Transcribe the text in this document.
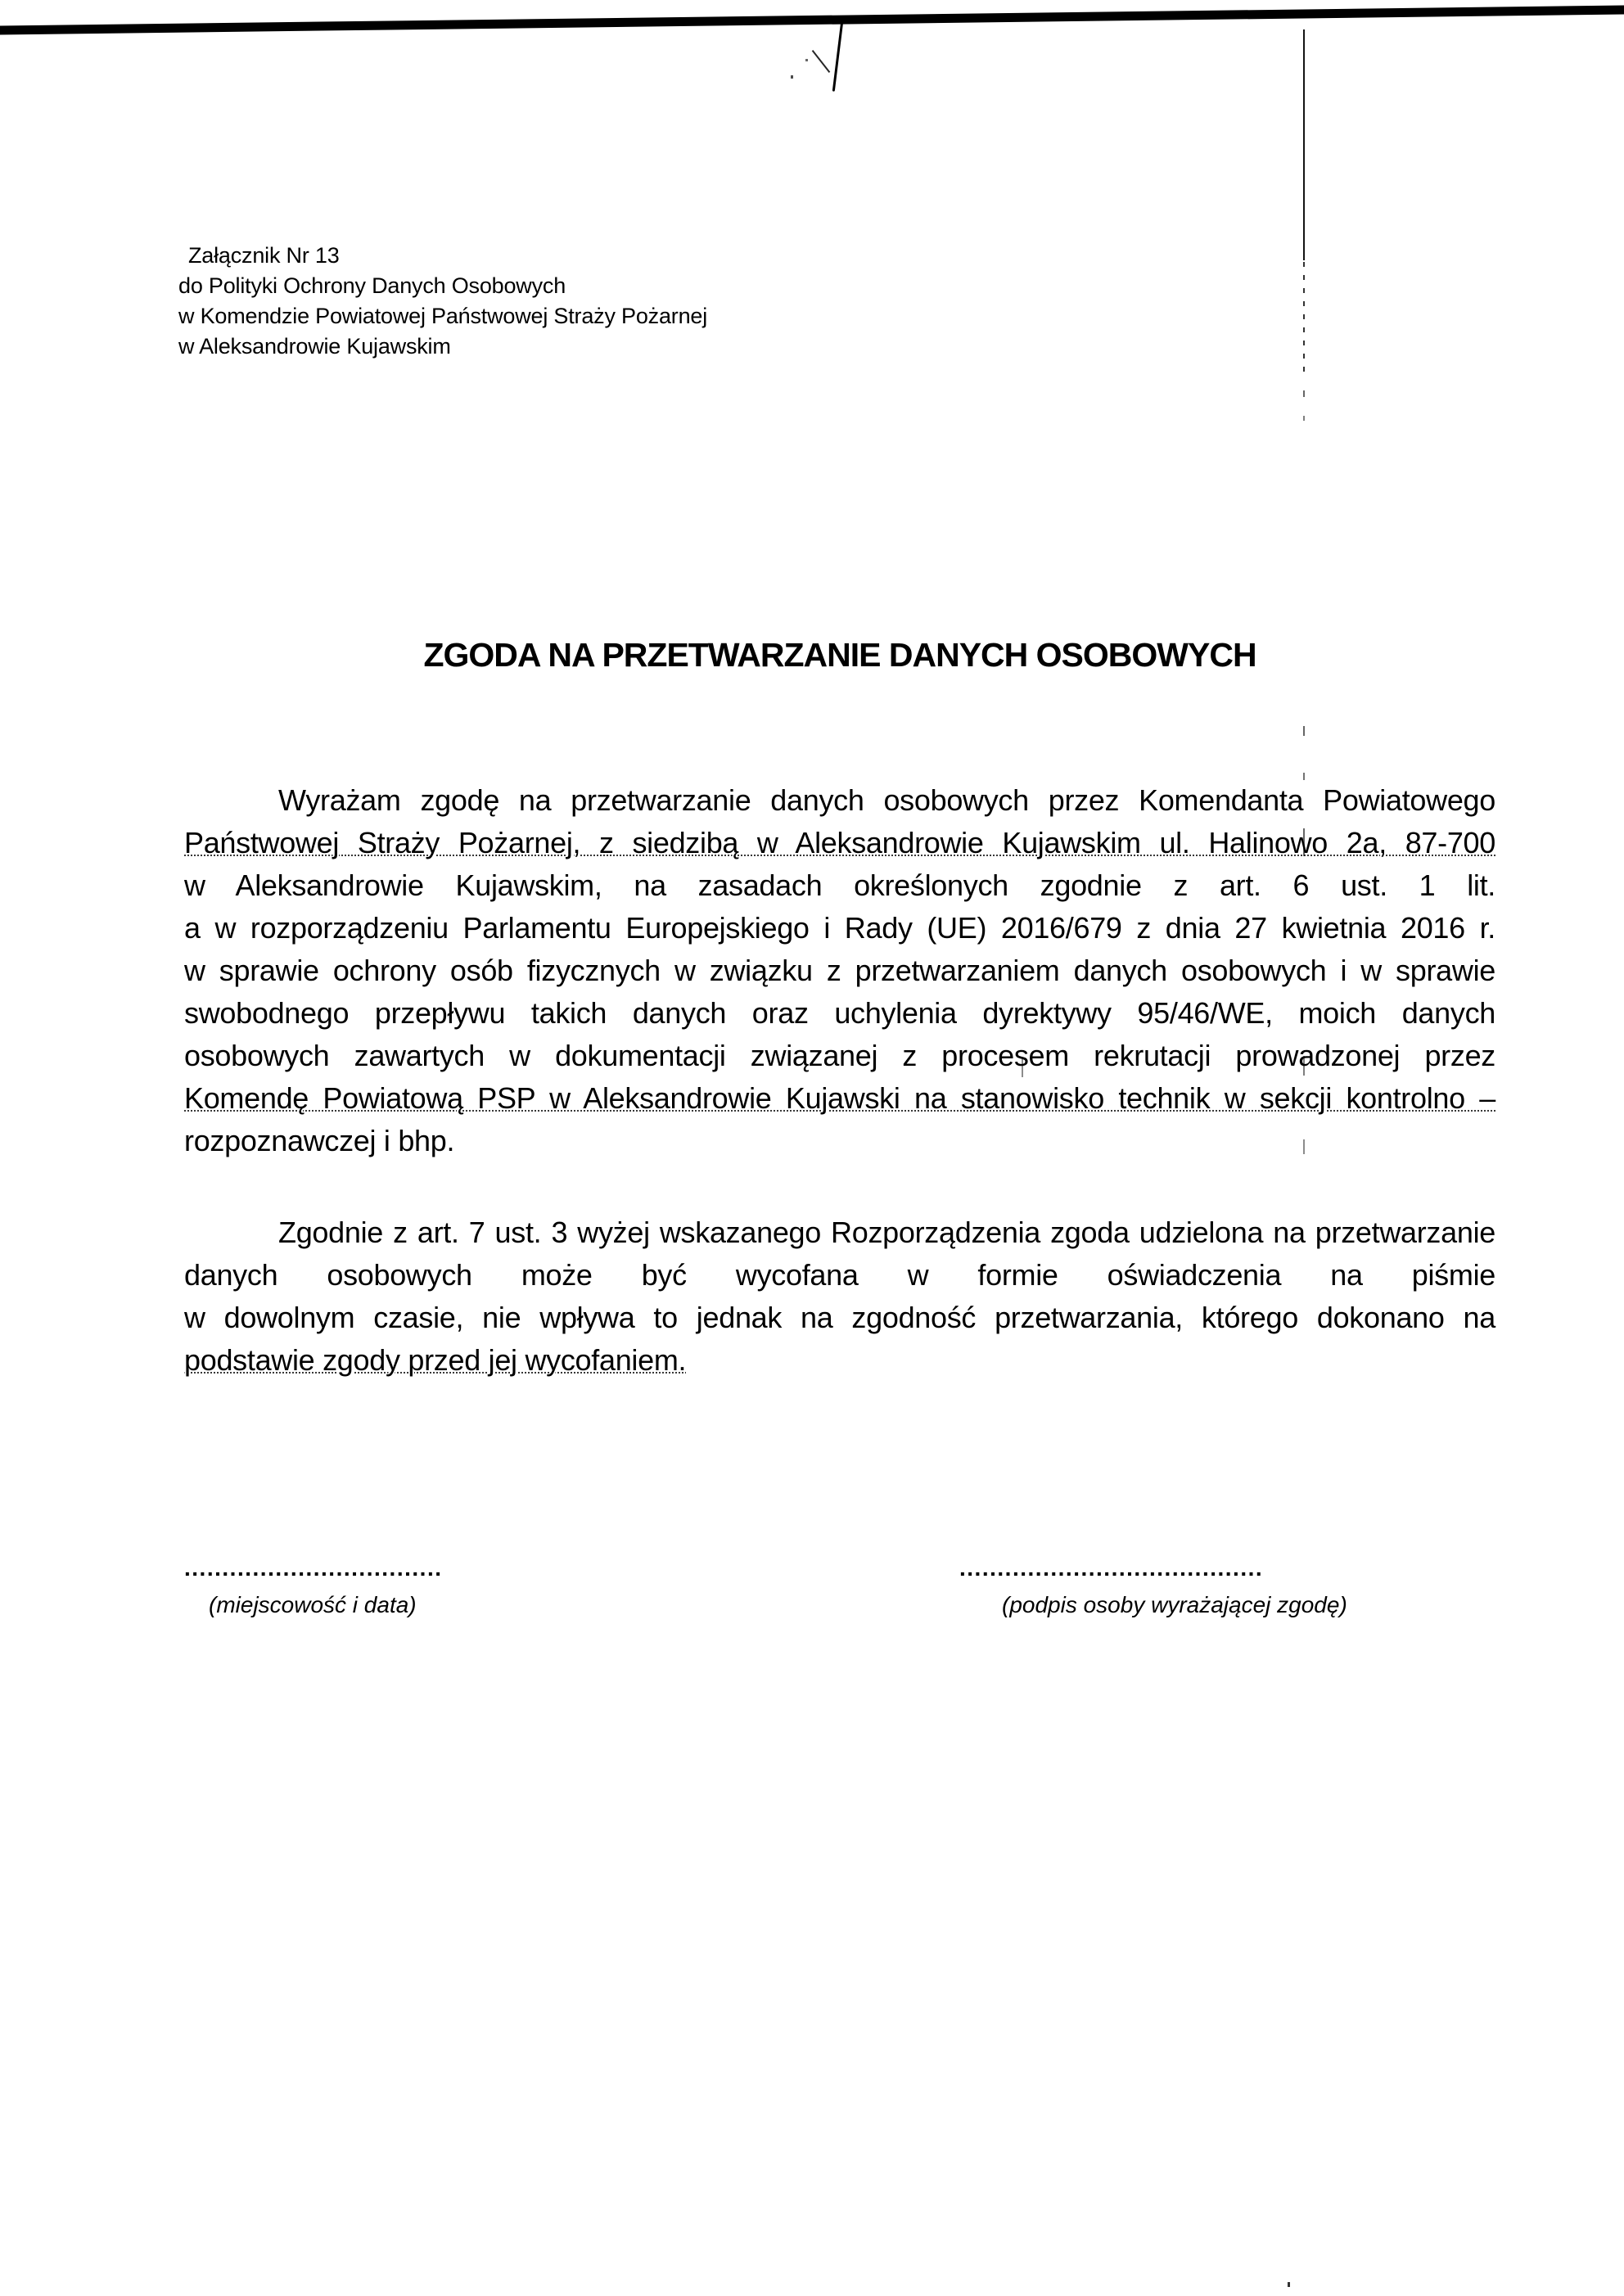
Załącznik Nr 13
do Polityki Ochrony Danych Osobowych
w Komendzie Powiatowej Państwowej Straży Pożarnej
w Aleksandrowie Kujawskim
ZGODA NA PRZETWARZANIE DANYCH OSOBOWYCH
Wyrażam zgodę na przetwarzanie danych osobowych przez Komendanta Powiatowego
Państwowej Straży Pożarnej, z siedzibą w Aleksandrowie Kujawskim ul. Halinowo 2a, 87-700
w Aleksandrowie Kujawskim, na zasadach określonych zgodnie z art. 6 ust. 1 lit.
a w rozporządzeniu Parlamentu Europejskiego i Rady (UE) 2016/679 z dnia 27 kwietnia 2016 r.
w sprawie ochrony osób fizycznych w związku z przetwarzaniem danych osobowych i w sprawie
swobodnego przepływu takich danych oraz uchylenia dyrektywy 95/46/WE, moich danych
osobowych zawartych w dokumentacji związanej z procesem rekrutacji prowadzonej przez
Komendę Powiatową PSP w Aleksandrowie Kujawski na stanowisko technik w sekcji kontrolno –
rozpoznawczej i bhp.
Zgodnie z art. 7 ust. 3 wyżej wskazanego Rozporządzenia zgoda udzielona na przetwarzanie
danych osobowych może być wycofana w formie oświadczenia na piśmie
w dowolnym czasie, nie wpływa to jednak na zgodność przetwarzania, którego dokonano na
podstawie zgody przed jej wycofaniem.
..................................
(miejscowość i data)
........................................
(podpis osoby wyrażającej zgodę)
